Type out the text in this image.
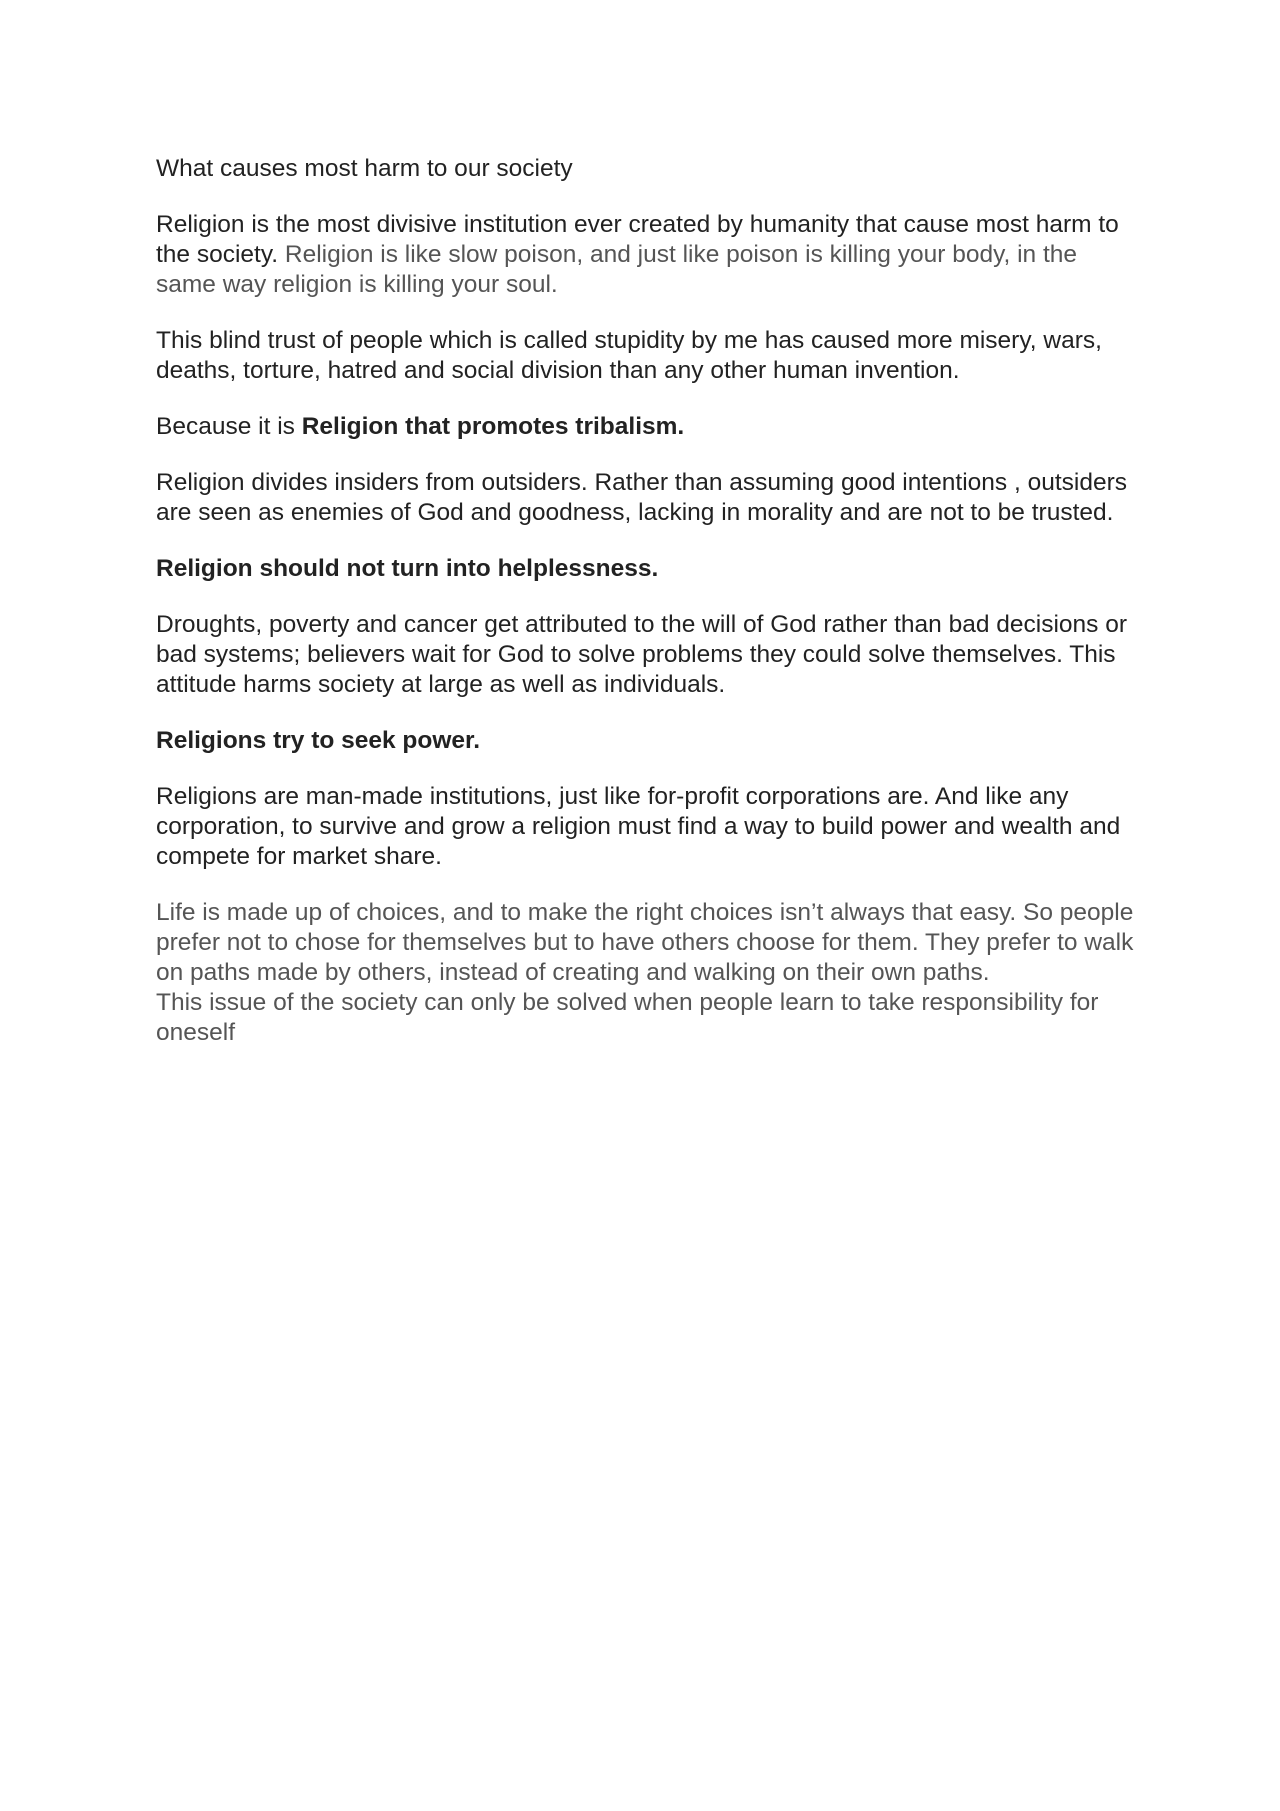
What causes most harm to our society

Religion is the most divisive institution ever created by humanity that cause most harm to the society. Religion is like slow poison, and just like poison is killing your body, in the same way religion is killing your soul.

This blind trust of people which is called stupidity by me has caused more misery, wars, deaths, torture, hatred and social division than any other human invention.

Because it is Religion that promotes tribalism.

Religion divides insiders from outsiders. Rather than assuming good intentions , outsiders are seen as enemies of God and goodness, lacking in morality and are not to be trusted.

Religion should not turn into helplessness.

Droughts, poverty and cancer get attributed to the will of God rather than bad decisions or bad systems; believers wait for God to solve problems they could solve themselves. This attitude harms society at large as well as individuals.

Religions try to seek power.

Religions are man-made institutions, just like for-profit corporations are. And like any corporation, to survive and grow a religion must find a way to build power and wealth and compete for market share.

Life is made up of choices, and to make the right choices isn’t always that easy. So people prefer not to chose for themselves but to have others choose for them. They prefer to walk on paths made by others, instead of creating and walking on their own paths.

This issue of the society can only be solved when people learn to take responsibility for oneself
